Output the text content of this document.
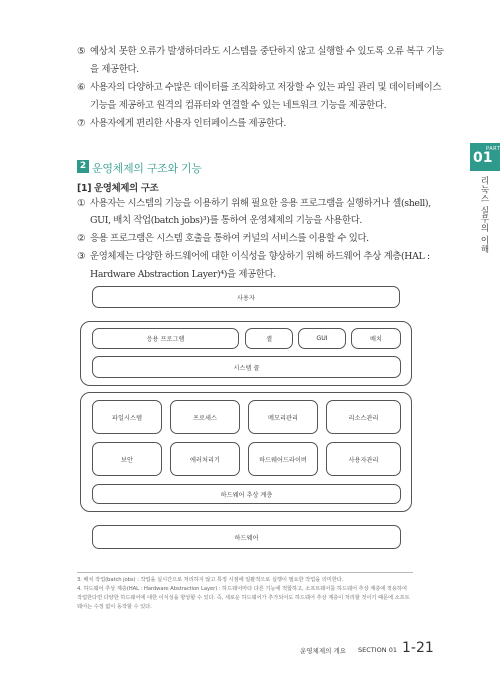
⑤ 예상치 못한 오류가 발생하더라도 시스템을 중단하지 않고 실행할 수 있도록 오류 복구 기능
을 제공한다.
⑥ 사용자의 다양하고 수많은 데이터를 조직화하고 저장할 수 있는 파일 관리 및 데이터베이스
기능을 제공하고 원격의 컴퓨터와 연결할 수 있는 네트워크 기능을 제공한다.
⑦ 사용자에게 편리한 사용자 인터페이스를 제공한다.
2 운영체제의 구조와 기능
[1] 운영체제의 구조
① 사용자는 시스템의 기능을 이용하기 위해 필요한 응용 프로그램을 실행하거나 셸(shell),
GUI, 배치 작업(batch jobs)³)를 통하여 운영체제의 기능을 사용한다.
② 응용 프로그램은 시스템 호출을 통하여 커널의 서비스를 이용할 수 있다.
③ 운영체제는 다양한 하드웨어에 대한 이식성을 향상하기 위해 하드웨어 추상 계층(HAL :
Hardware Abstraction Layer)⁴)을 제공한다.
사용자
응용 프로그램	셸	GUI	배치
시스템 콜
파일시스템	프로세스	메모리관리	리소스관리
보안	에러처리기	하드웨어드라이버	사용자관리
하드웨어 추상 계층
하드웨어
3. 배치 작업(batch jobs) : 작업을 실시간으로 처리하지 않고 특정 시점에 일괄적으로 실행이 필요한 작업을 의미한다.
4. 하드웨어 추상 계층(HAL : Hardware Abstraction Layer) : 하드웨어마다 다른 기능에 적합하고, 소프트웨어를 하드웨어 추상 계층에 적용하여
작업한다면 다양한 하드웨어에 대한 이식성을 향상할 수 있다. 즉, 새로운 하드웨어가 추가되어도 하드웨어 추상 계층이 처리할 것이기 때문에 소프트
웨어는 수정 없이 동작할 수 있다.
PART
01
리눅스 실무의 이해
운영체제의 개요 SECTION 01 1-21
